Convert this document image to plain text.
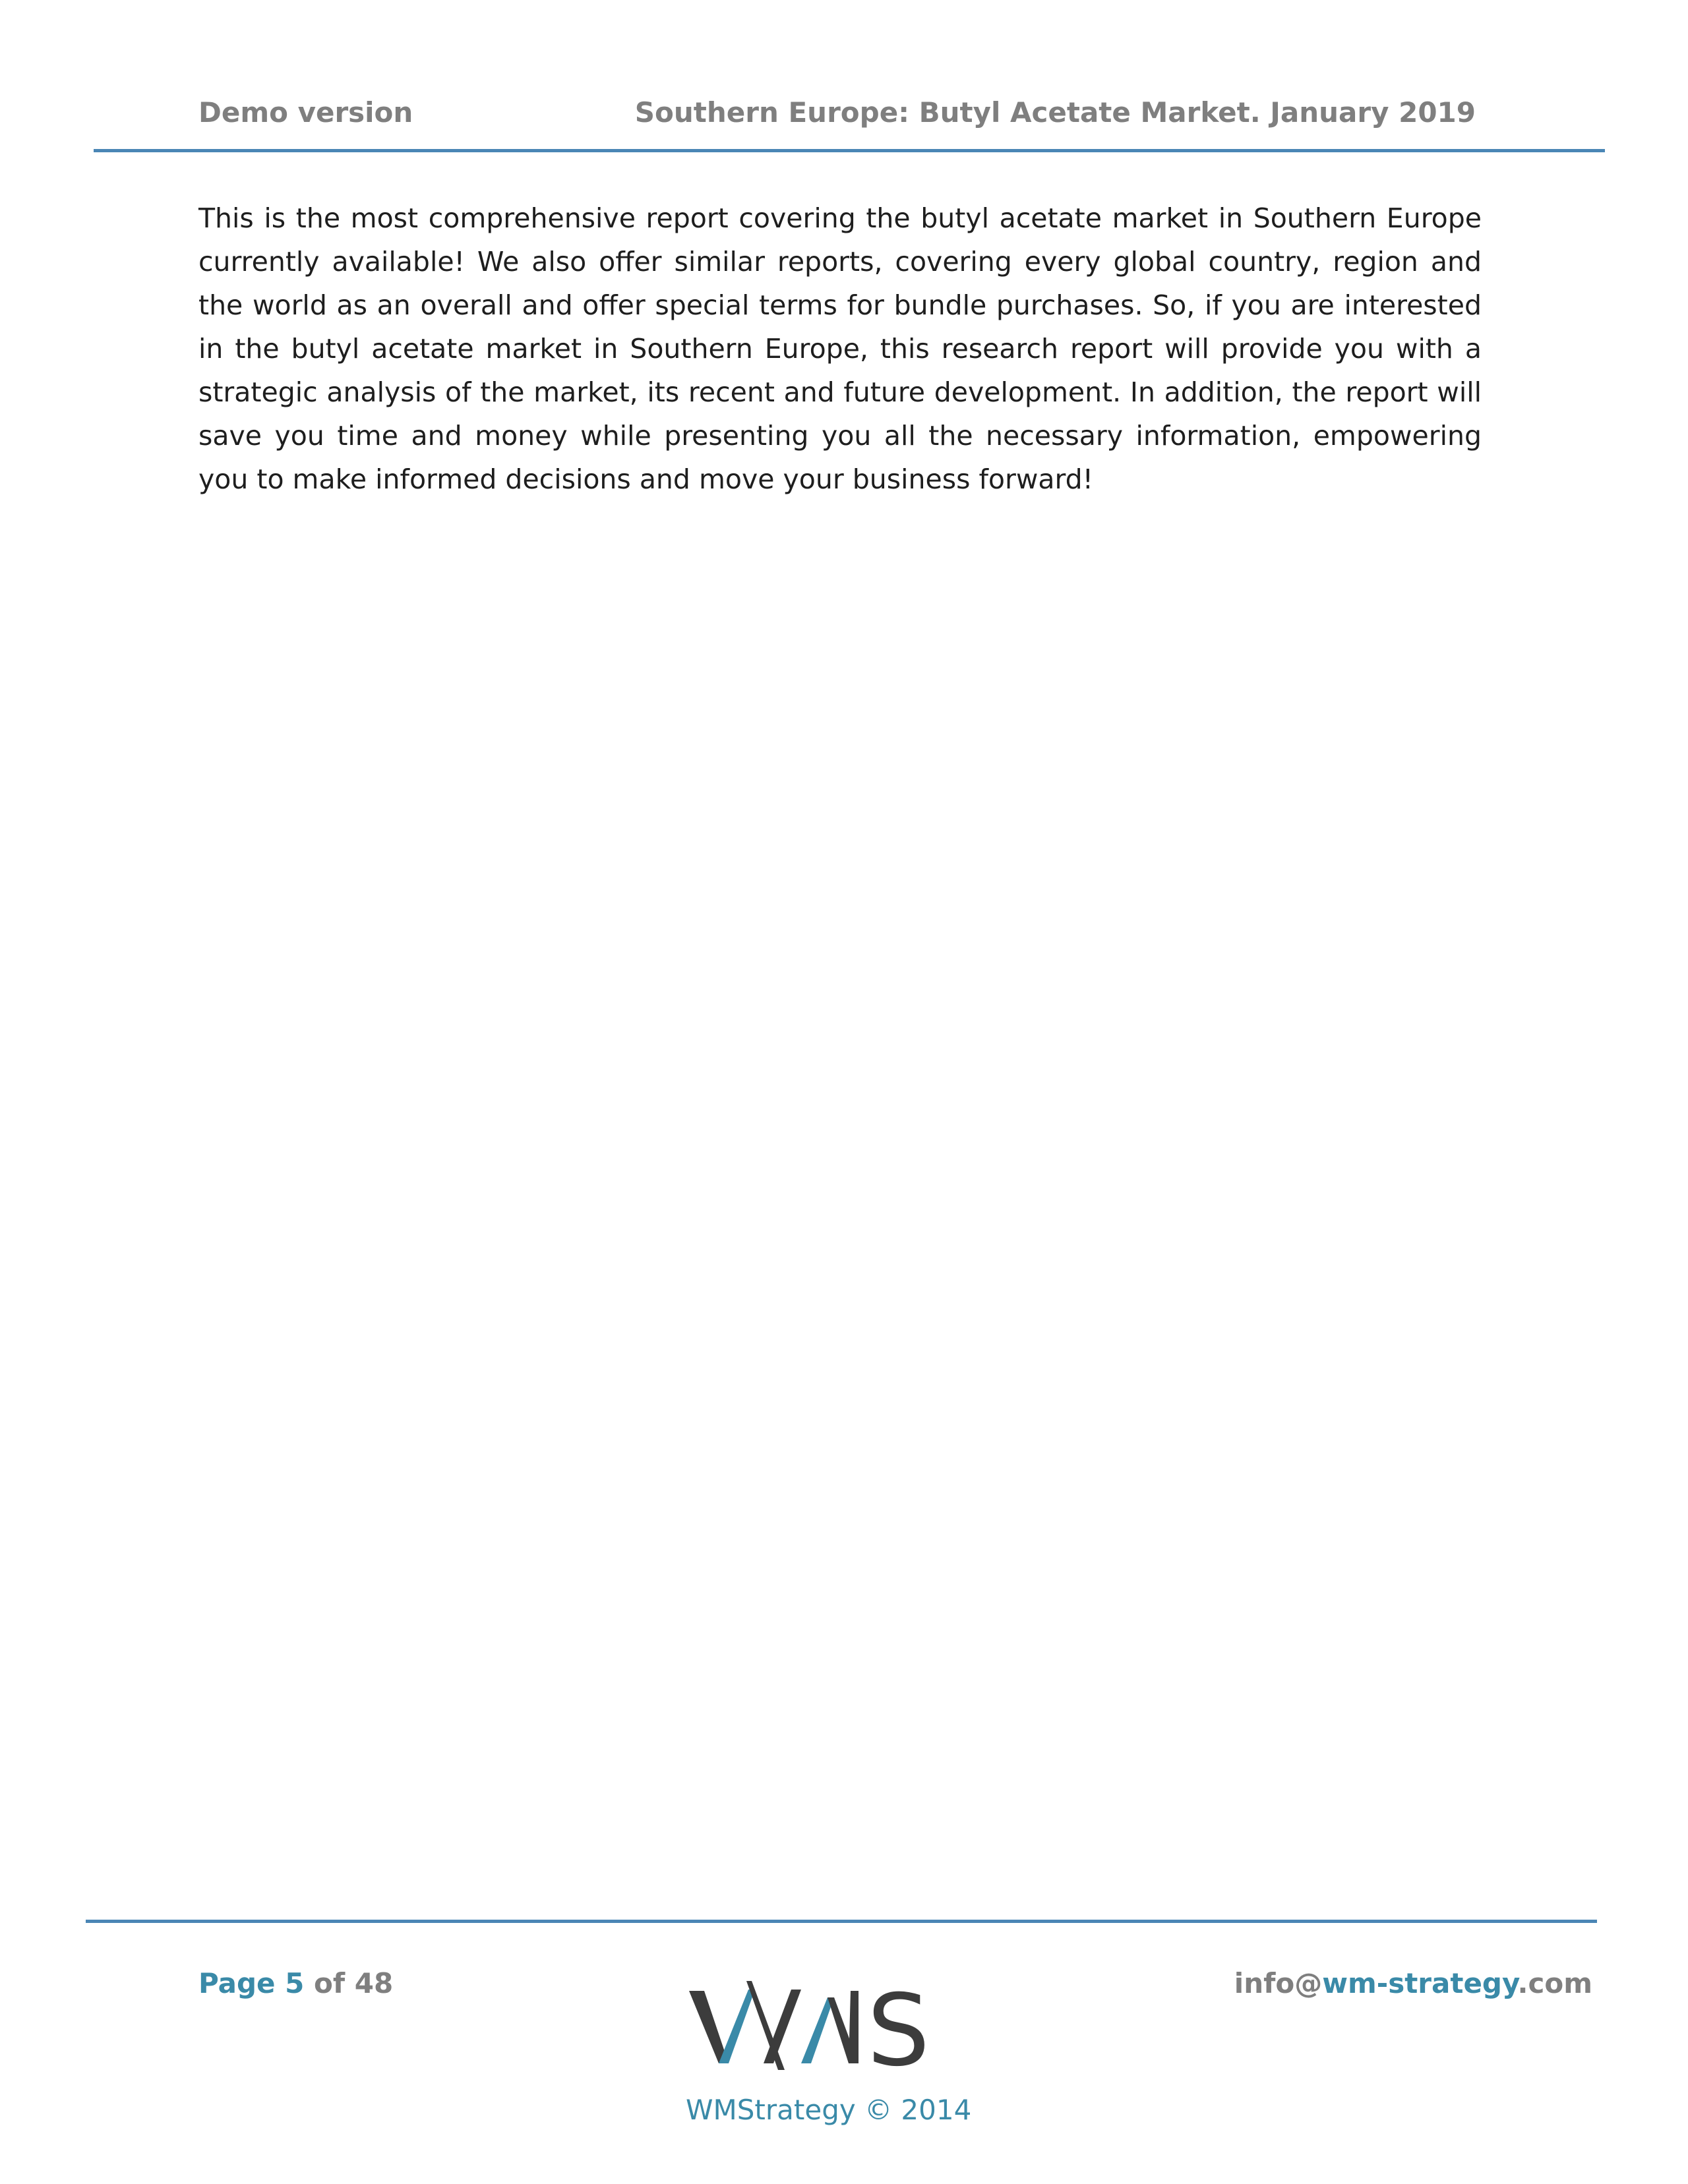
Demo version	Southern Europe: Butyl Acetate Market. January 2019

This is the most comprehensive report covering the butyl acetate market in Southern Europe currently available! We also offer similar reports, covering every global country, region and the world as an overall and offer special terms for bundle purchases. So, if you are interested in the butyl acetate market in Southern Europe, this research report will provide you with a strategic analysis of the market, its recent and future development. In addition, the report will save you time and money while presenting you all the necessary information, empowering you to make informed decisions and move your business forward!

Page 5 of 48	info@wm-strategy.com
S
WMStrategy © 2014
